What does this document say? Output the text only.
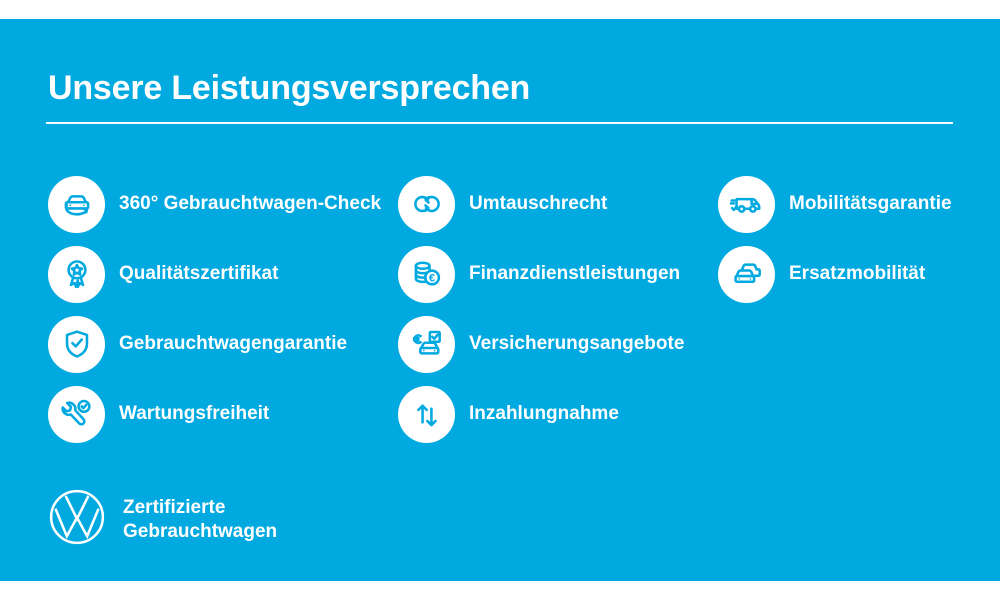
Unsere Leistungsversprechen
360° Gebrauchtwagen-Check
Qualitätszertifikat
Gebrauchtwagengarantie
Wartungsfreiheit
Umtauschrecht
€ Finanzdienstleistungen
Versicherungsangebote
Inzahlungnahme
Mobilitätsgarantie
Ersatzmobilität
Zertifizierte
Gebrauchtwagen
